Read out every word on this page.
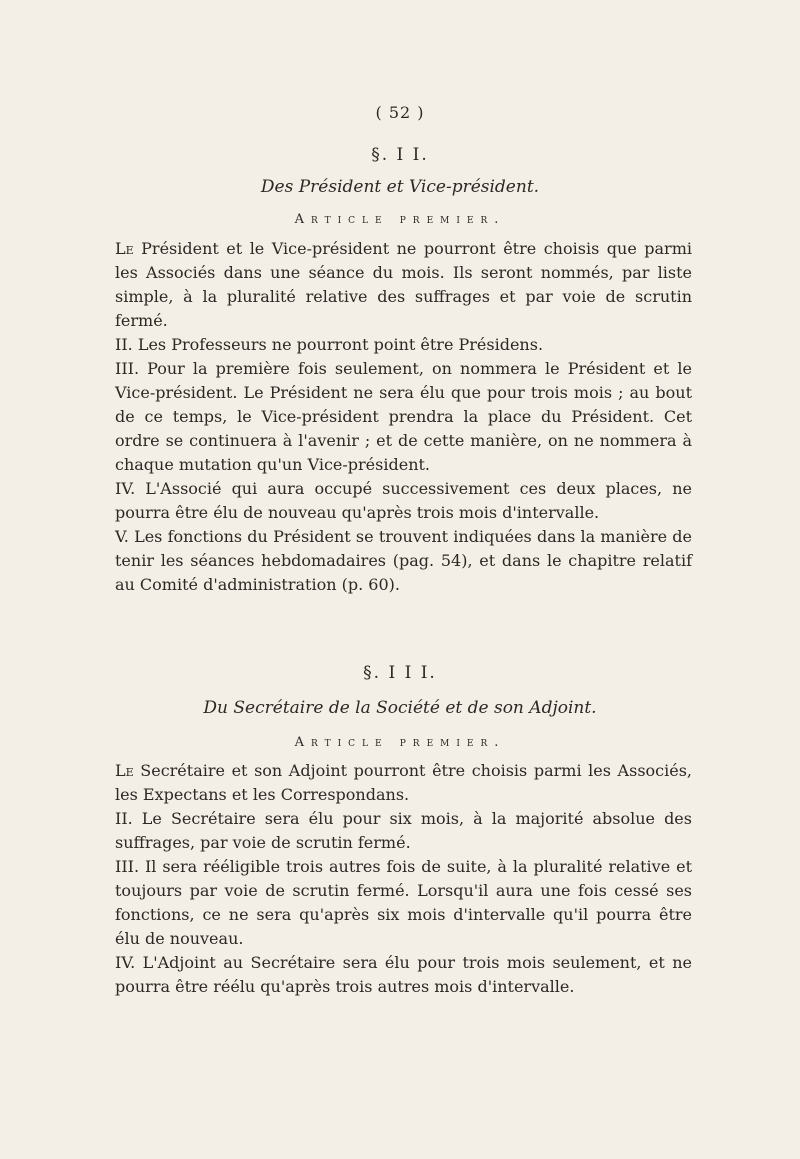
( 52 )
§. I I.
Des Président et Vice-président.
Article premier.

Le Président et le Vice-président ne pourront être choisis que parmi les Associés dans une séance du mois. Ils seront nommés, par liste simple, à la pluralité relative des suffrages et par voie de scrutin fermé.

II. Les Professeurs ne pourront point être Présidens.

III. Pour la première fois seulement, on nommera le Président et le Vice-président. Le Président ne sera élu que pour trois mois ; au bout de ce temps, le Vice-président prendra la place du Président. Cet ordre se continuera à l'avenir ; et de cette manière, on ne nommera à chaque mutation qu'un Vice-président.

IV. L'Associé qui aura occupé successivement ces deux places, ne pourra être élu de nouveau qu'après trois mois d'intervalle.

V. Les fonctions du Président se trouvent indiquées dans la manière de tenir les séances hebdomadaires (pag. 54), et dans le chapitre relatif au Comité d'administration (p. 60).

§. I I I.
Du Secrétaire de la Société et de son Adjoint.
Article premier.

Le Secrétaire et son Adjoint pourront être choisis parmi les Associés, les Expectans et les Correspondans.

II. Le Secrétaire sera élu pour six mois, à la majorité absolue des suffrages, par voie de scrutin fermé.

III. Il sera rééligible trois autres fois de suite, à la pluralité relative et toujours par voie de scrutin fermé. Lorsqu'il aura une fois cessé ses fonctions, ce ne sera qu'après six mois d'intervalle qu'il pourra être élu de nouveau.

IV. L'Adjoint au Secrétaire sera élu pour trois mois seulement, et ne pourra être réélu qu'après trois autres mois d'intervalle.
